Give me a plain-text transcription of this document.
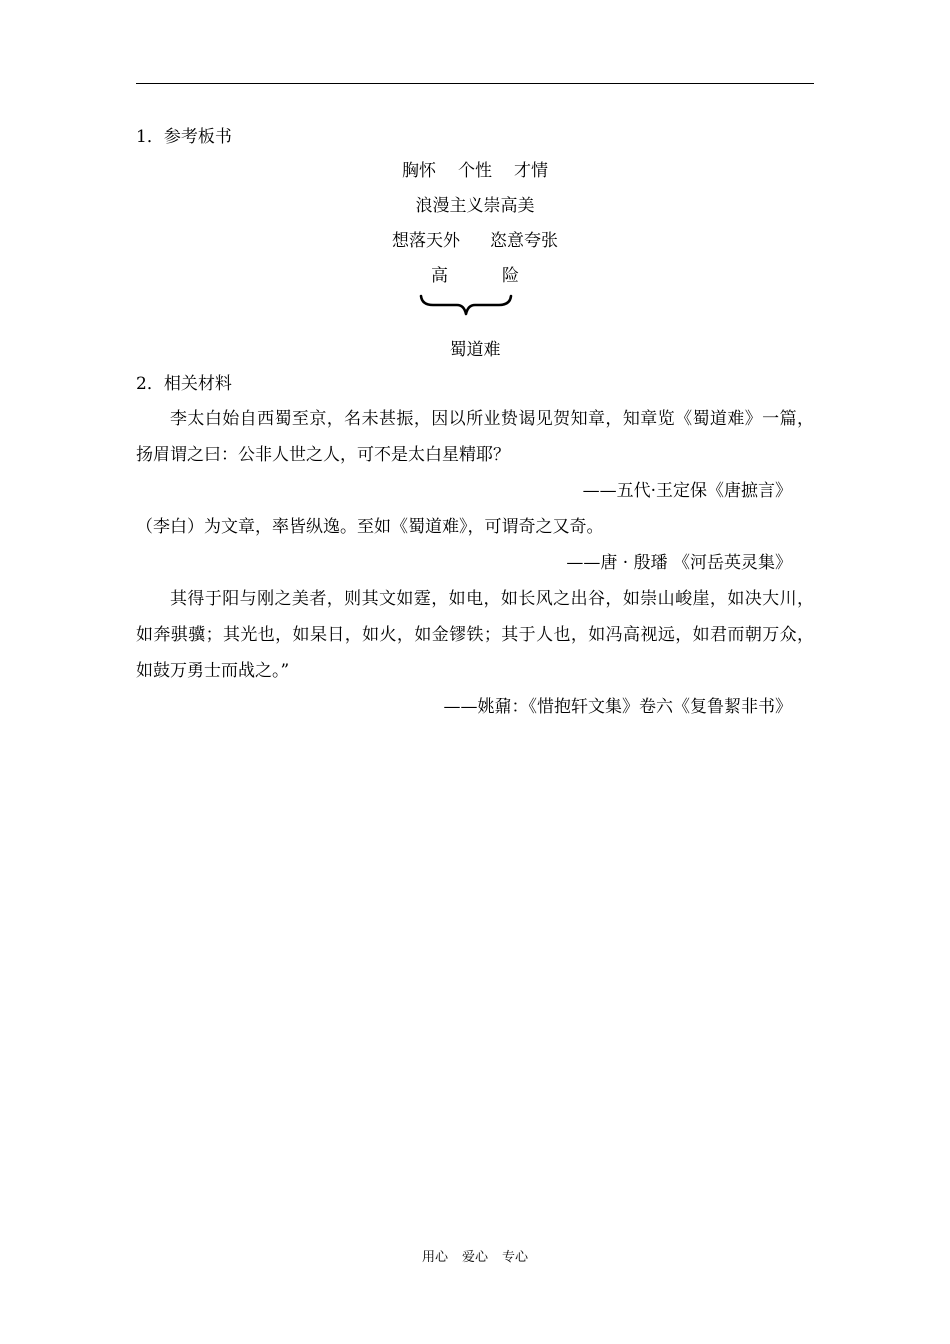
1．参考板书
胸怀 个性 才情
浪漫主义崇高美
想落天外 恣意夸张
高	险
蜀道难
2．相关材料

李太白始自西蜀至京，名未甚振，因以所业贽谒见贺知章，知章览《蜀道难》一篇，扬眉谓之曰：公非人世之人，可不是太白星精耶？

——五代·王定保《唐摭言》

（李白）为文章，率皆纵逸。至如《蜀道难》，可谓奇之又奇。

——唐 · 殷璠 《河岳英灵集》

其得于阳与刚之美者，则其文如霆，如电，如长风之出谷，如崇山峻崖，如决大川，如奔骐骥；其光也，如杲日，如火，如金镠铁；其于人也，如冯高视远，如君而朝万众，如鼓万勇士而战之。”

——姚鼐：《惜抱轩文集》卷六《复鲁絜非书》
用心 爱心 专心
